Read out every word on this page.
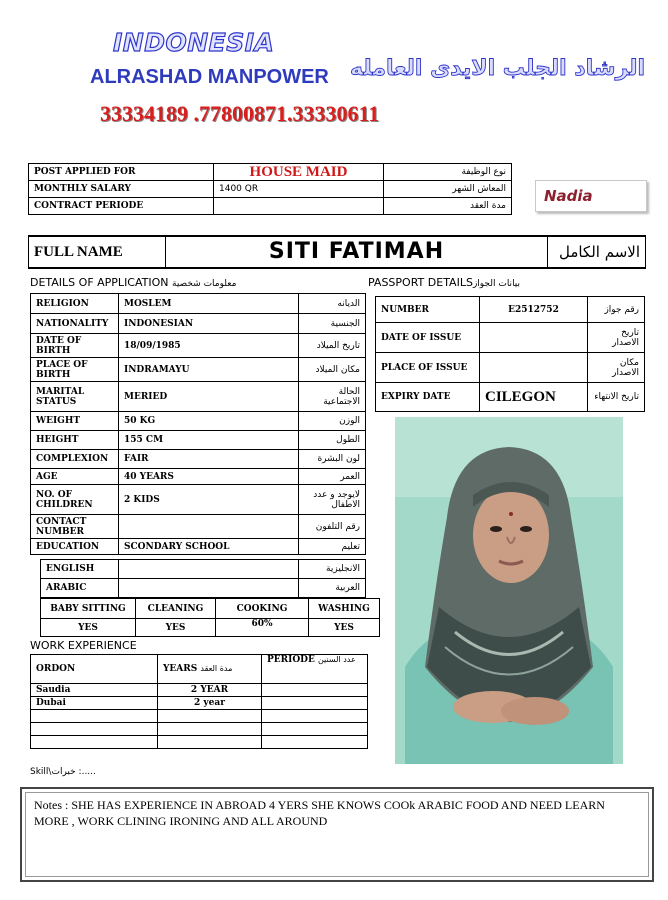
INDONESIA
ALRASHAD MANPOWER الرشاد الجلب الايدى العامله
33334189 .77800871.33330611
POST APPLIED FOR	HOUSE MAID	نوع الوظيفة
MONTHLY SALARY	1400 QR	المعاش الشهر
CONTRACT PERIODE		مدة العقد
Nadia
FULL NAME	SITI FATIMAH	الاسم الكامل
DETAILS OF APPLICATION معلومات شخصية
RELIGION	MOSLEM	الديانه
NATIONALITY	INDONESIAN	الجنسية
DATE OF BIRTH	18/09/1985	تاريخ الميلاد
PLACE OF BIRTH	INDRAMAYU	مكان الميلاد
MARITAL STATUS	MERIED	الحالة الاجتماعية
WEIGHT	50 KG	الوزن
HEIGHT	155 CM	الطول
COMPLEXION	FAIR	لون البشرة
AGE	40 YEARS	العمر
NO. OF CHILDREN	2 KIDS	لايوجد و عدد الاطفال
CONTACT NUMBER		رقم التلفون
EDUCATION	SCONDARY SCHOOL	تعليم
ENGLISH		الانجليزية
ARABIC		العربية
BABY SITTING	CLEANING	COOKING	WASHING
YES	YES	60%	YES
PASSPORT DETAILSبيانات الجواز
NUMBER	E2512752	رقم جواز
DATE OF ISSUE		تاريخ الاصدار
PLACE OF ISSUE		مكان الاصدار
EXPIRY DATE	CILEGON	تاريخ الانتهاء
WORK EXPERIENCE
ORDON	YEARS مدة العقد	PERIODE عدد السنين
Saudia	2 YEAR	
Dubai	2 year	

Skill\خبرات :.....
Notes : SHE HAS EXPERIENCE IN ABROAD 4 YERS SHE KNOWS COOk ARABIC FOOD AND NEED LEARN MORE , WORK CLINING IRONING AND ALL AROUND
